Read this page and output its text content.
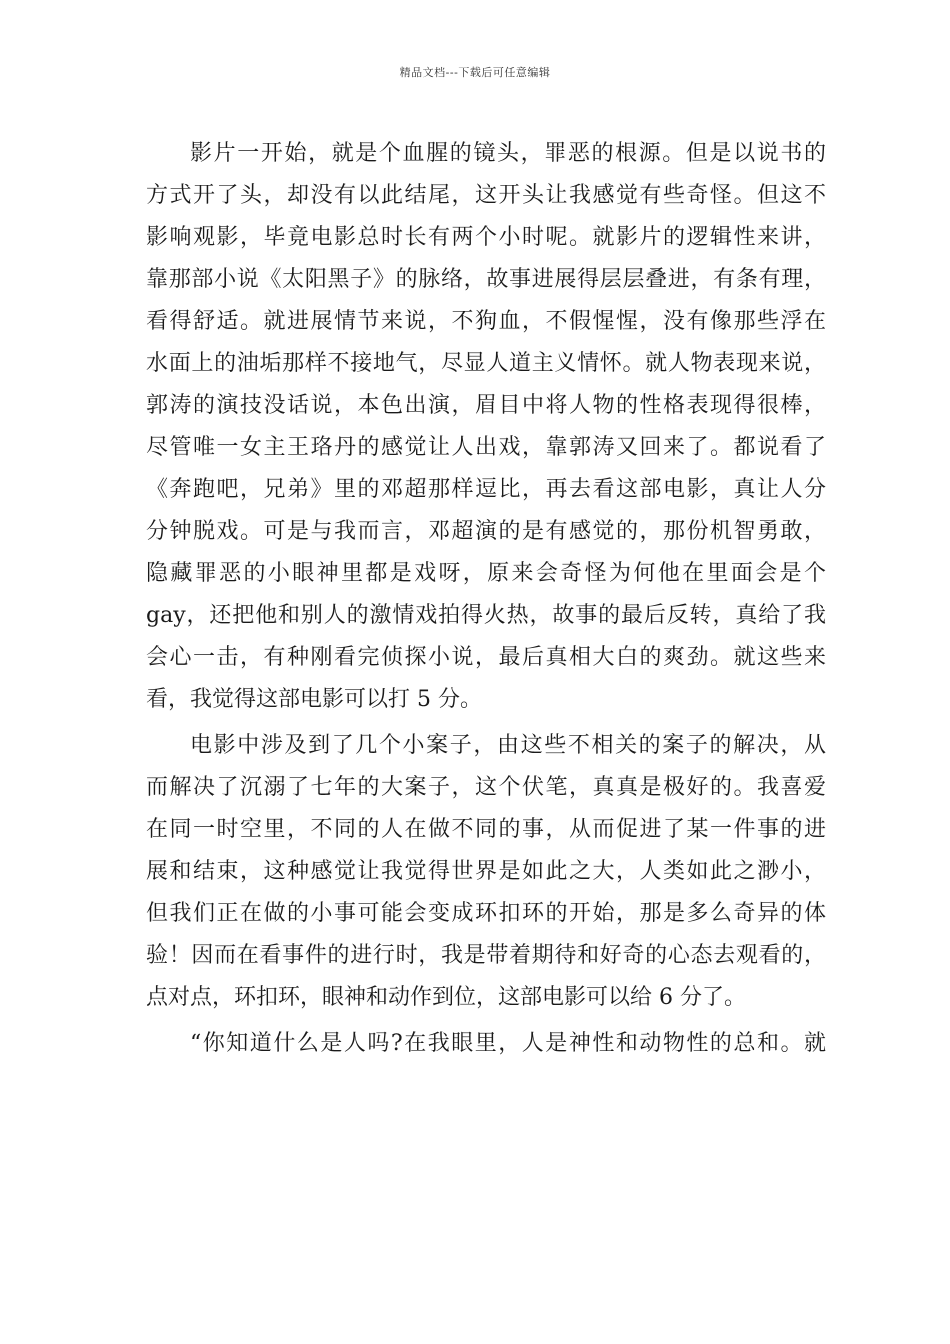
精品文档---下载后可任意编辑
影片一开始，就是个血腥的镜头，罪恶的根源。但是以说书的
方式开了头，却没有以此结尾，这开头让我感觉有些奇怪。但这不
影响观影，毕竟电影总时长有两个小时呢。就影片的逻辑性来讲，
靠那部小说《太阳黑子》的脉络，故事进展得层层叠进，有条有理，
看得舒适。就进展情节来说，不狗血，不假惺惺，没有像那些浮在
水面上的油垢那样不接地气，尽显人道主义情怀。就人物表现来说，
郭涛的演技没话说，本色出演，眉目中将人物的性格表现得很棒，
尽管唯一女主王珞丹的感觉让人出戏，靠郭涛又回来了。都说看了
《奔跑吧，兄弟》里的邓超那样逗比，再去看这部电影，真让人分
分钟脱戏。可是与我而言，邓超演的是有感觉的，那份机智勇敢，
隐藏罪恶的小眼神里都是戏呀，原来会奇怪为何他在里面会是个
gay，还把他和别人的激情戏拍得火热，故事的最后反转，真给了我
会心一击，有种刚看完侦探小说，最后真相大白的爽劲。就这些来
看，我觉得这部电影可以打 5 分。
电影中涉及到了几个小案子，由这些不相关的案子的解决，从
而解决了沉溺了七年的大案子，这个伏笔，真真是极好的。我喜爱
在同一时空里，不同的人在做不同的事，从而促进了某一件事的进
展和结束，这种感觉让我觉得世界是如此之大，人类如此之渺小，
但我们正在做的小事可能会变成环扣环的开始，那是多么奇异的体
验！因而在看事件的进行时，我是带着期待和好奇的心态去观看的，
点对点，环扣环，眼神和动作到位，这部电影可以给 6 分了。
“你知道什么是人吗?在我眼里，人是神性和动物性的总和。就
